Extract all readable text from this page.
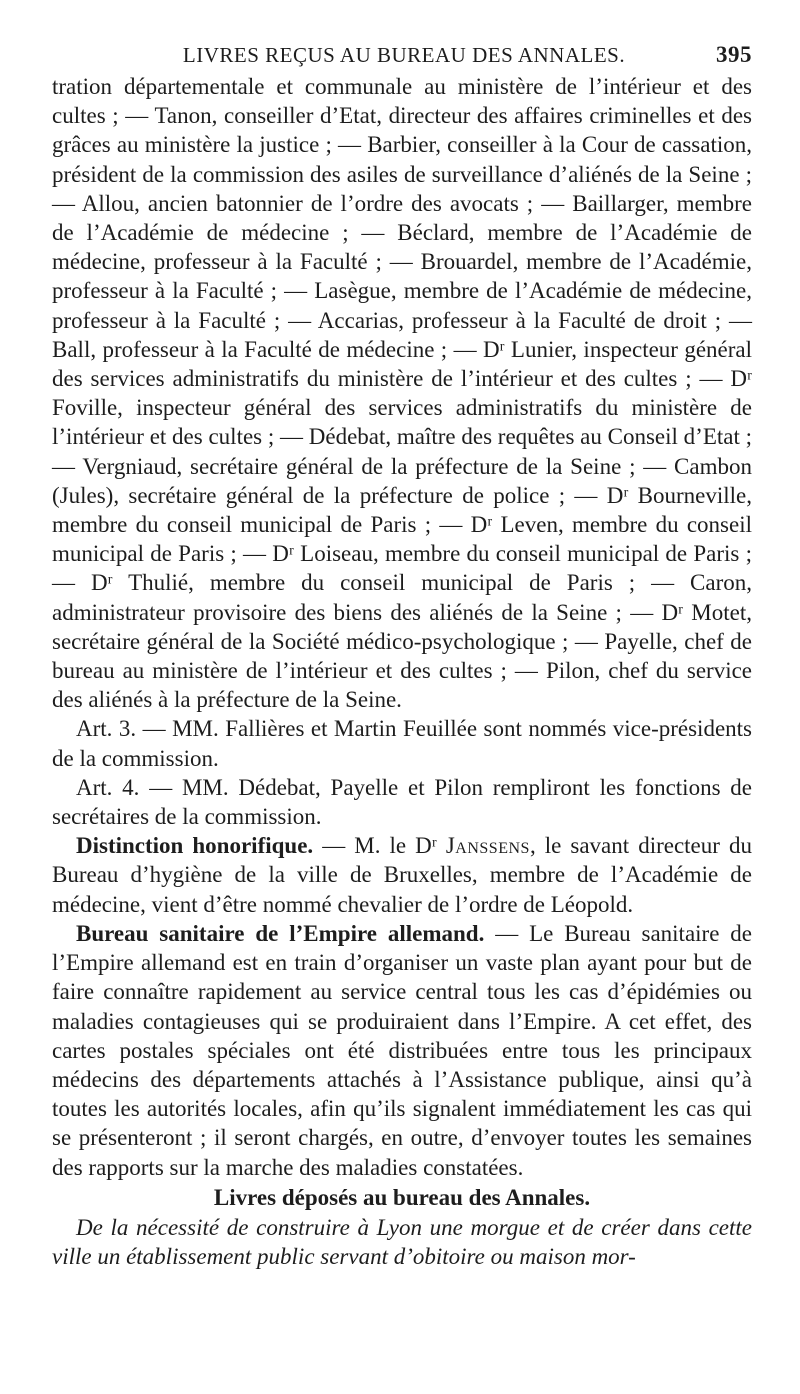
LIVRES REÇUS AU BUREAU DES ANNALES.	395

tration départementale et communale au ministère de l’intérieur et des cultes ; — Tanon, conseiller d’Etat, directeur des affaires criminelles et des grâces au ministère la justice ; — Barbier, conseiller à la Cour de cassation, président de la commission des asiles de surveillance d’aliénés de la Seine ; — Allou, ancien batonnier de l’ordre des avocats ; — Baillarger, membre de l’Académie de médecine ; — Béclard, membre de l’Académie de médecine, professeur à la Faculté ; — Brouardel, membre de l’Académie, professeur à la Faculté ; — Lasègue, membre de l’Académie de médecine, professeur à la Faculté ; — Accarias, professeur à la Faculté de droit ; — Ball, professeur à la Faculté de médecine ; — Dʳ Lunier, inspecteur général des services administratifs du ministère de l’intérieur et des cultes ; — Dʳ Foville, inspecteur général des services administratifs du ministère de l’intérieur et des cultes ; — Dédebat, maître des requêtes au Conseil d’Etat ; — Vergniaud, secrétaire général de la préfecture de la Seine ; — Cambon (Jules), secrétaire général de la préfecture de police ; — Dʳ Bourneville, membre du conseil municipal de Paris ; — Dʳ Leven, membre du conseil municipal de Paris ; — Dʳ Loiseau, membre du conseil municipal de Paris ; — Dʳ Thulié, membre du conseil municipal de Paris ; — Caron, administrateur provisoire des biens des aliénés de la Seine ; — Dʳ Motet, secrétaire général de la Société médico-psychologique ; — Payelle, chef de bureau au ministère de l’intérieur et des cultes ; — Pilon, chef du service des aliénés à la préfecture de la Seine.

Art. 3. — MM. Fallières et Martin Feuillée sont nommés vice-présidents de la commission.

Art. 4. — MM. Dédebat, Payelle et Pilon rempliront les fonctions de secrétaires de la commission.

Distinction honorifique. — M. le Dʳ Janssens, le savant directeur du Bureau d’hygiène de la ville de Bruxelles, membre de l’Académie de médecine, vient d’être nommé chevalier de l’ordre de Léopold.

Bureau sanitaire de l’Empire allemand. — Le Bureau sanitaire de l’Empire allemand est en train d’organiser un vaste plan ayant pour but de faire connaître rapidement au service central tous les cas d’épidémies ou maladies contagieuses qui se produiraient dans l’Empire. A cet effet, des cartes postales spéciales ont été distribuées entre tous les principaux médecins des départements attachés à l’Assistance publique, ainsi qu’à toutes les autorités locales, afin qu’ils signalent immédiatement les cas qui se présenteront ; il seront chargés, en outre, d’envoyer toutes les semaines des rapports sur la marche des maladies constatées.

Livres déposés au bureau des Annales.

De la nécessité de construire à Lyon une morgue et de créer dans cette ville un établissement public servant d’obitoire ou maison mor-
